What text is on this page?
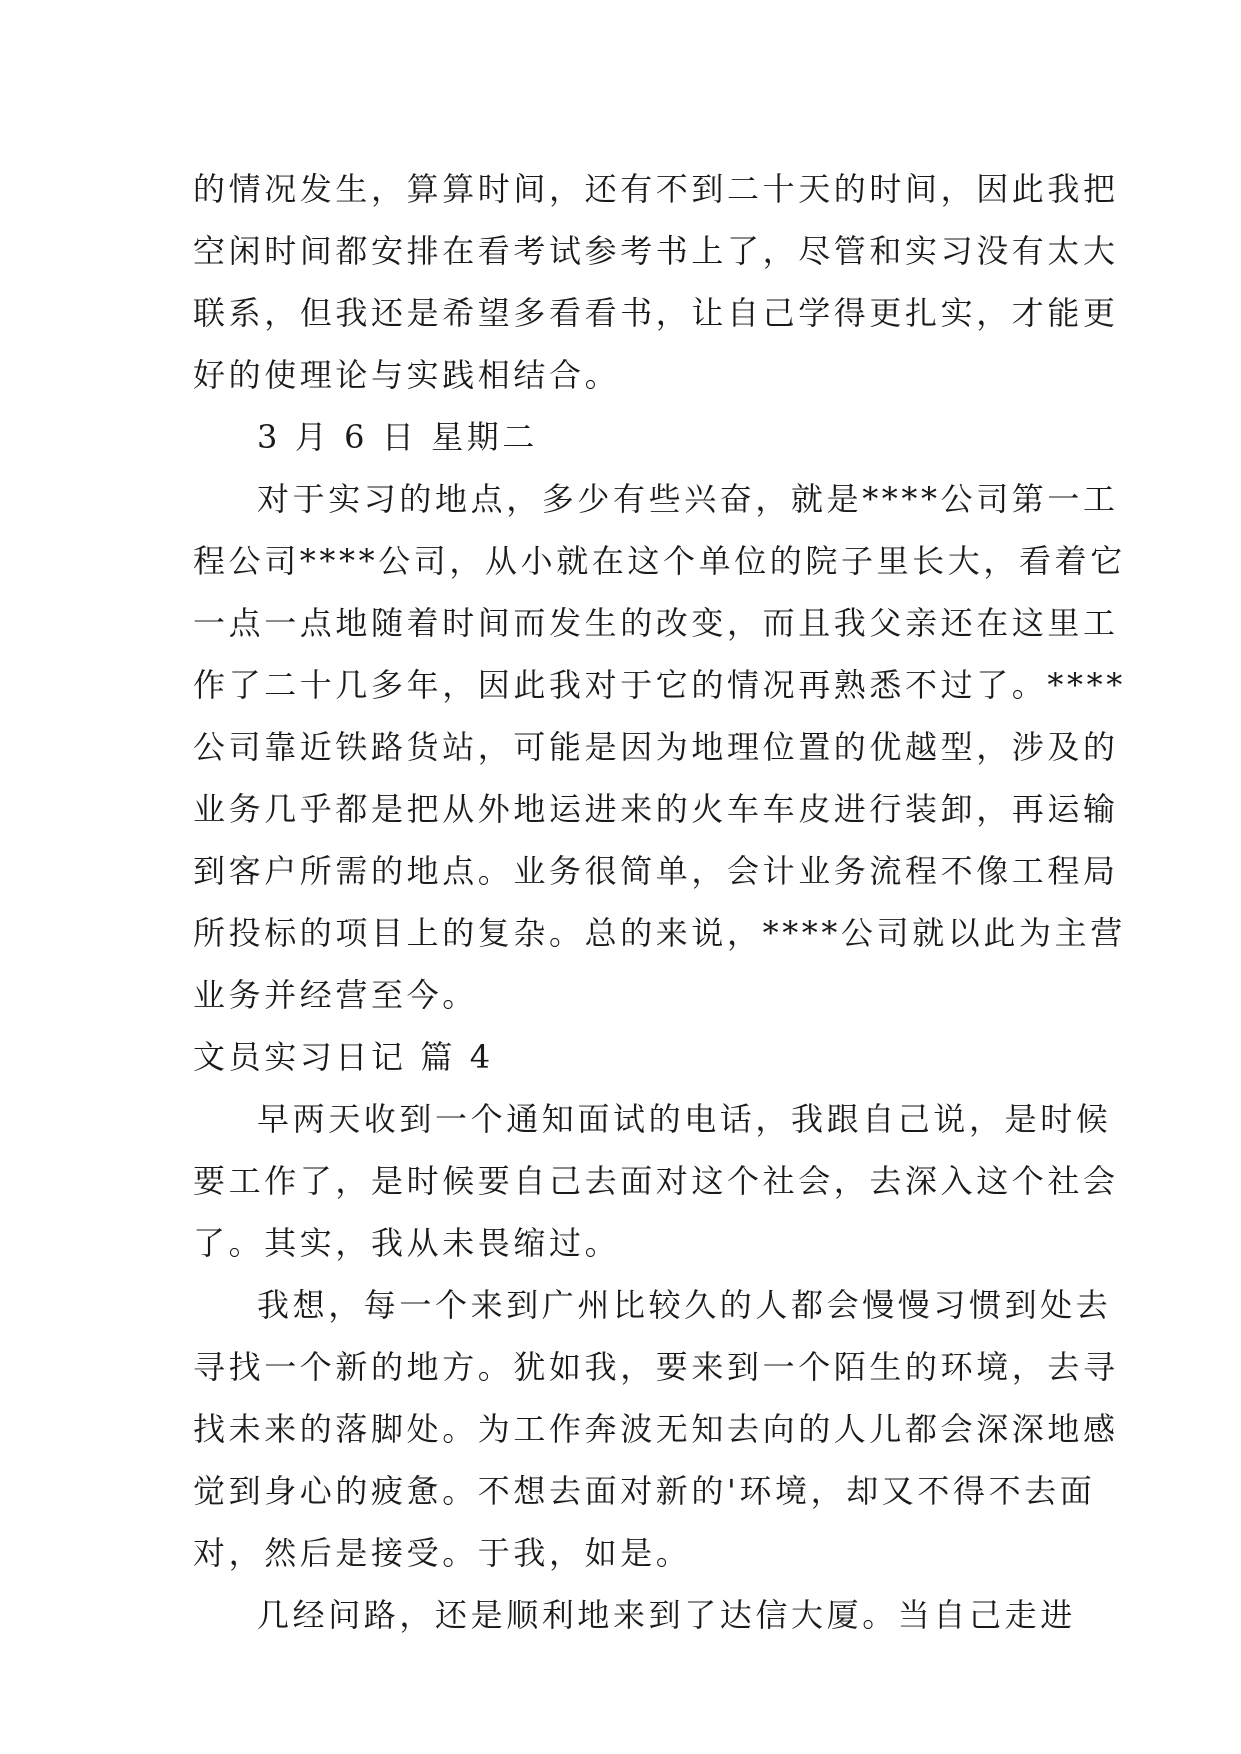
的情况发生，算算时间，还有不到二十天的时间，因此我把
空闲时间都安排在看考试参考书上了，尽管和实习没有太大
联系，但我还是希望多看看书，让自己学得更扎实，才能更
好的使理论与实践相结合。
3 月 6 日 星期二
对于实习的地点，多少有些兴奋，就是****公司第一工
程公司****公司，从小就在这个单位的院子里长大，看着它
一点一点地随着时间而发生的改变，而且我父亲还在这里工
作了二十几多年，因此我对于它的情况再熟悉不过了。****
公司靠近铁路货站，可能是因为地理位置的优越型，涉及的
业务几乎都是把从外地运进来的火车车皮进行装卸，再运输
到客户所需的地点。业务很简单，会计业务流程不像工程局
所投标的项目上的复杂。总的来说，****公司就以此为主营
业务并经营至今。
文员实习日记 篇 4
早两天收到一个通知面试的电话，我跟自己说，是时候
要工作了，是时候要自己去面对这个社会，去深入这个社会
了。其实，我从未畏缩过。
我想，每一个来到广州比较久的人都会慢慢习惯到处去
寻找一个新的地方。犹如我，要来到一个陌生的环境，去寻
找未来的落脚处。为工作奔波无知去向的人儿都会深深地感
觉到身心的疲惫。不想去面对新的'环境，却又不得不去面
对，然后是接受。于我，如是。
几经问路，还是顺利地来到了达信大厦。当自己走进
